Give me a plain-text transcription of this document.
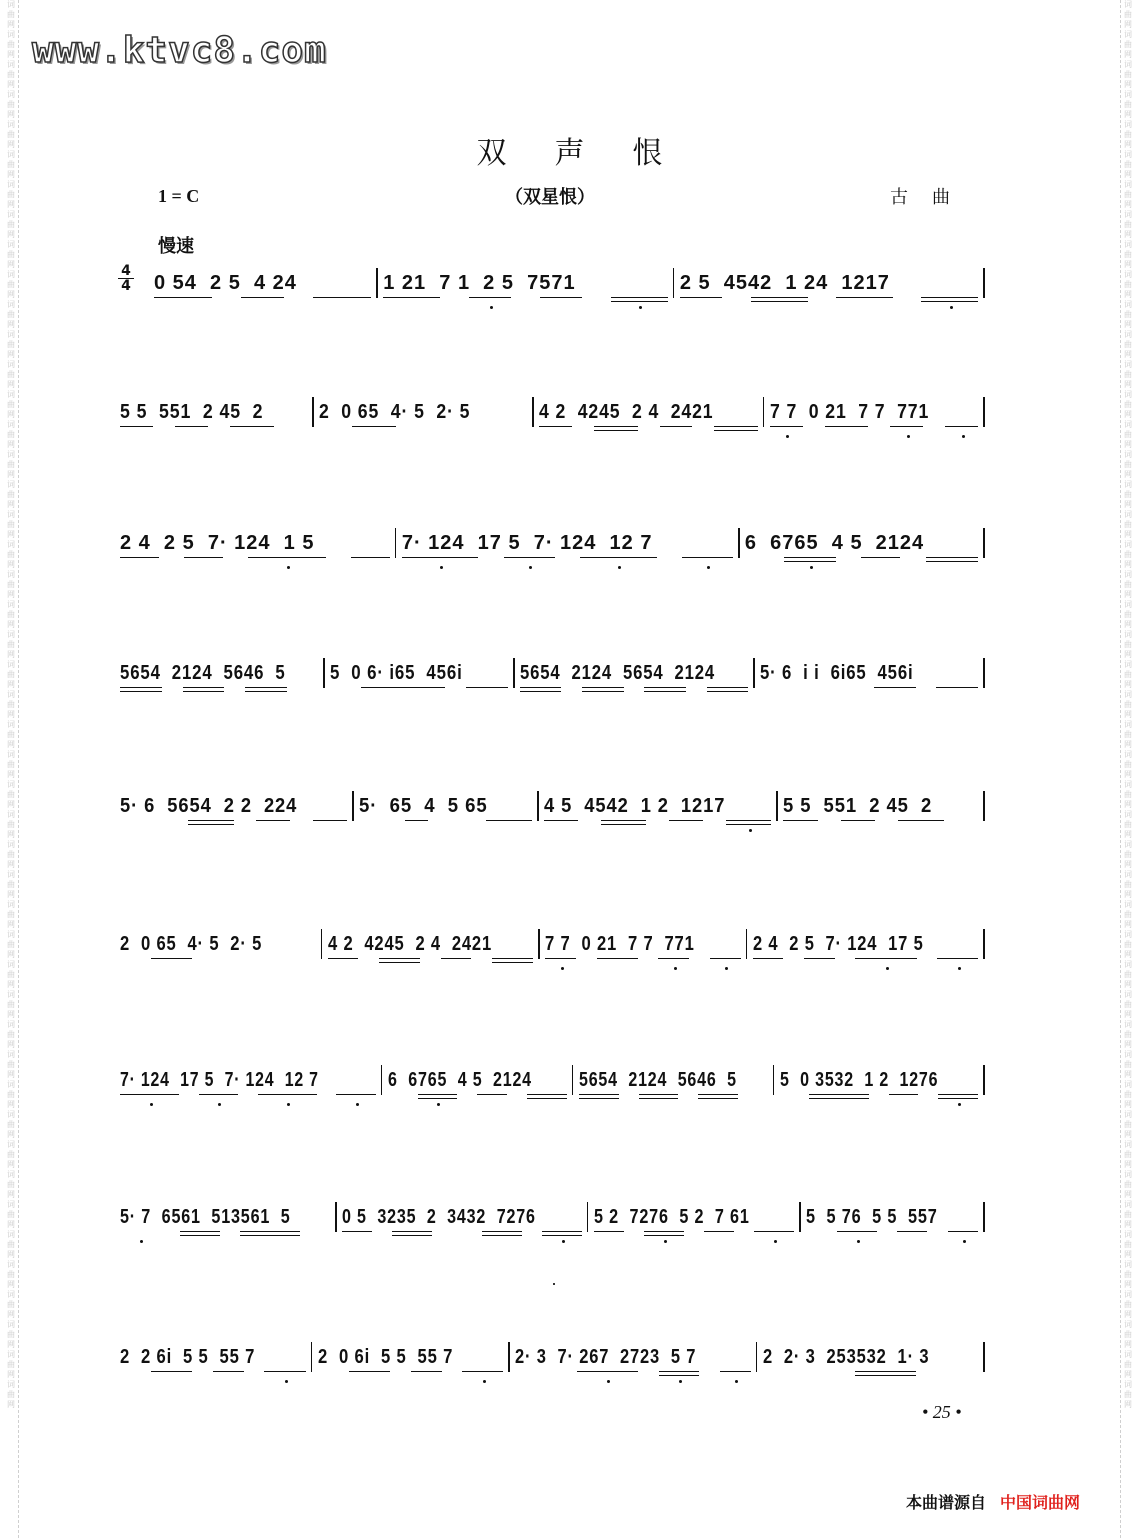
词曲网词曲网词曲网词曲网词曲网词曲网词曲网词曲网词曲网词曲网词曲网词曲网词曲网词曲网词曲网词曲网词曲网词曲网词曲网词曲网词曲网词曲网词曲网词曲网词曲网词曲网词曲网词曲网词曲网词曲网词曲网词曲网词曲网词曲网词曲网词曲网词曲网词曲网词曲网词曲网词曲网词曲网词曲网词曲网词曲网词曲网词曲网
词曲网词曲网词曲网词曲网词曲网词曲网词曲网词曲网词曲网词曲网词曲网词曲网词曲网词曲网词曲网词曲网词曲网词曲网词曲网词曲网词曲网词曲网词曲网词曲网词曲网词曲网词曲网词曲网词曲网词曲网词曲网词曲网词曲网词曲网词曲网词曲网词曲网词曲网词曲网词曲网词曲网词曲网词曲网词曲网词曲网词曲网词曲网
www.ktvc8.com
双声恨
1 = C	（双星恨）	古曲
慢速
4
4 0 54  2 5  4 24	1 21  7 1  2 5  7571	2 5  4542  1 24  1217
5 5  551  2 45  2	2  0 65  4· 5  2· 5	4 2  4245  2 4  2421	7 7  0 21  7 7  771
2 4  2 5  7· 124  1 5	7· 124  17 5  7· 124  12 7	6  6765  4 5  2124
5654  2124  5646  5 5  0 6· i65  456i	5654  2124  5654  2124 5· 6  i i  6i65  456i
5· 6  5654  2 2  224	5·  65  4  5 65	4 5  4542  1 2  1217	5 5  551  2 45  2
2  0 65  4· 5  2· 5	4 2  4245  2 4  2421	7 7  0 21  7 7  771	2 4  2 5  7· 124  17 5
7· 124  17 5  7· 124  12 7	6  6765  4 5  2124 5654  2124  5646  5 5  0 3532  1 2  1276
5· 7  6561  513561  5	0 5  3235  2  3432  7276	5 2  7276  5 2  7 61	5  5 76  5 5  557
2  2 6i  5 5  55 7	2  0 6i  5 5  55 7	2· 3  7· 267  2723  5 7	2  2· 3  253532  1· 3
• 25 •
本曲谱源自 中国词曲网
